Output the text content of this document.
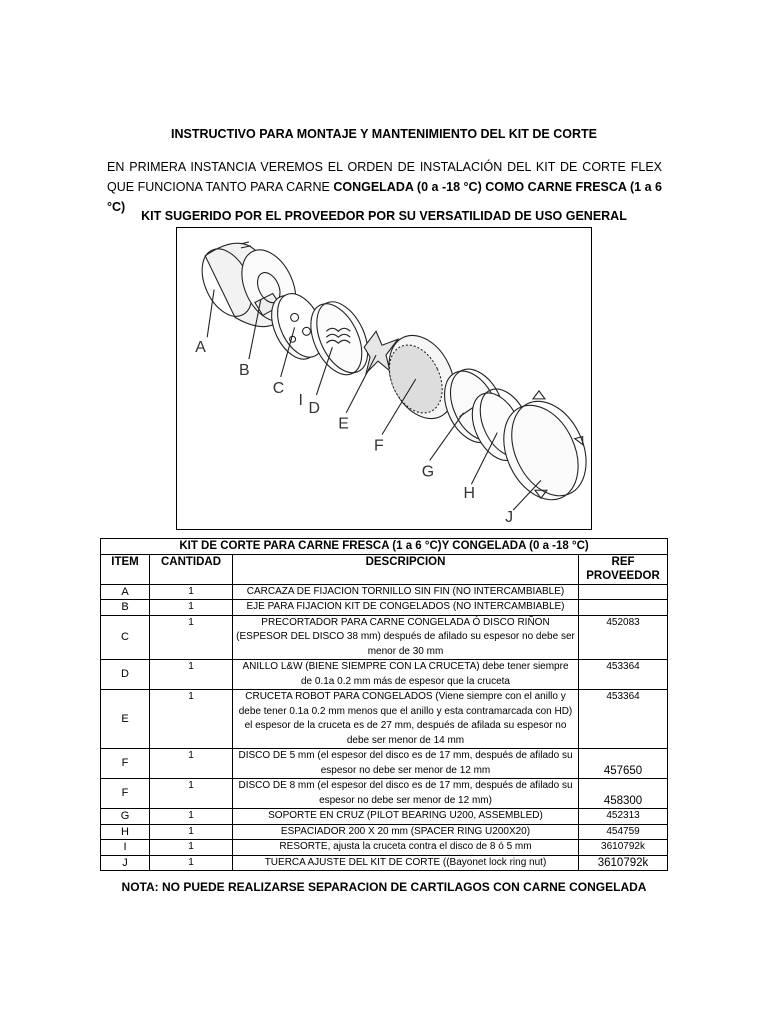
INSTRUCTIVO PARA MONTAJE Y MANTENIMIENTO DEL KIT DE CORTE
EN PRIMERA INSTANCIA VEREMOS EL ORDEN DE INSTALACIÓN DEL KIT DE CORTE FLEX QUE FUNCIONA TANTO PARA CARNE CONGELADA (0 a -18 °C) COMO CARNE FRESCA (1 a 6 °C)
KIT SUGERIDO POR EL PROVEEDOR POR SU VERSATILIDAD DE USO GENERAL
A
B
C
I D
E
F
G
H
J
KIT DE CORTE PARA CARNE FRESCA (1 a 6 °C)Y CONGELADA (0 a -18 °C)			
ITEM	CANTIDAD	DESCRIPCION	REF PROVEEDOR
A	1	CARCAZA DE FIJACION TORNILLO SIN FIN (NO INTERCAMBIABLE)	
B	1	EJE PARA FIJACION KIT DE CONGELADOS (NO INTERCAMBIABLE)	
C	1	PRECORTADOR PARA CARNE CONGELADA Ó DISCO RIÑON (ESPESOR DEL DISCO 38 mm) después de afilado su espesor no debe ser menor de 30 mm	452083
D	1	ANILLO L&W (BIENE SIEMPRE CON LA CRUCETA) debe tener siempre de 0.1a 0.2 mm más de espesor que la cruceta	453364
E	1	CRUCETA ROBOT PARA CONGELADOS (Viene siempre con el anillo y debe tener 0.1a 0.2 mm menos que el anillo y esta contramarcada con HD) el espesor de la cruceta es de 27 mm, después de afilada su espesor no debe ser menor de 14 mm	453364
F	1	DISCO DE 5 mm (el espesor del disco es de 17 mm, después de afilado su espesor no debe ser menor de 12 mm	457650
F	1	DISCO DE 8 mm (el espesor del disco es de 17 mm, después de afilado su espesor no debe ser menor de 12 mm)	458300
G	1	SOPORTE EN CRUZ (PILOT BEARING U200, ASSEMBLED)	452313
H	1	ESPACIADOR 200 X 20 mm (SPACER RING U200X20)	454759
I	1	RESORTE, ajusta la cruceta contra el disco de 8 ó 5 mm	3610792k
J	1	TUERCA AJUSTE DEL KIT DE CORTE ((Bayonet lock ring nut)	3610792k
NOTA: NO PUEDE REALIZARSE SEPARACION DE CARTILAGOS CON CARNE CONGELADA
